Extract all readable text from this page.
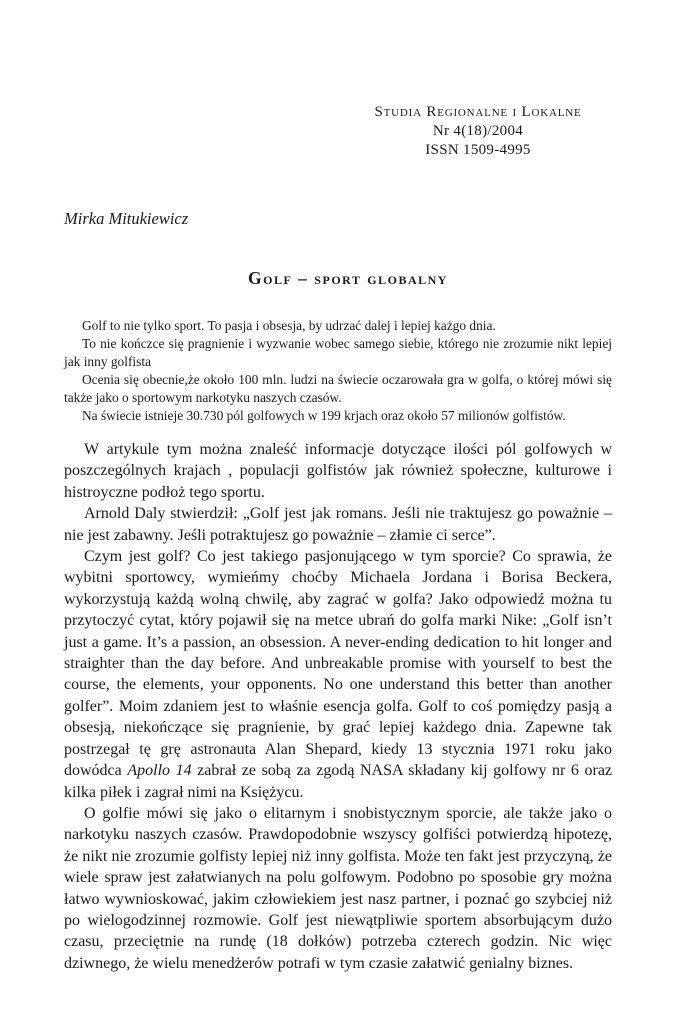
Studia Regionalne i Lokalne
Nr 4(18)/2004
ISSN 1509-4995
Mirka Mitukiewicz
Golf – sport globalny

Golf to nie tylko sport. To pasja i obsesja, by udrzać dalej i lepiej każgo dnia.

To nie kończce się pragnienie i wyzwanie wobec samego siebie, którego nie zrozumie nikt lepiej jak inny golfista

Ocenia się obecnie,że około 100 mln. ludzi na świecie oczarowała gra w golfa, o której mówi się także jako o sportowym narkotyku naszych czasów.

Na świecie istnieje 30.730 pól golfowych w 199 krjach oraz około 57 milionów golfistów.

W artykule tym można znaleść informacje dotyczące ilości pól golfowych w poszczególnych krajach , populacji golfistów jak również społeczne, kulturowe i histroyczne podłoż tego sportu.

Arnold Daly stwierdził: „Golf jest jak romans. Jeśli nie traktujesz go poważnie – nie jest zabawny. Jeśli potraktujesz go poważnie – złamie ci serce”.

Czym jest golf? Co jest takiego pasjonującego w tym sporcie? Co sprawia, że wybitni sportowcy, wymieńmy choćby Michaela Jordana i Borisa Beckera, wykorzystują każdą wolną chwilę, aby zagrać w golfa? Jako odpowiedź można tu przytoczyć cytat, który pojawił się na metce ubrań do golfa marki Nike: „Golf isn’t just a game. It’s a passion, an obsession. A never-ending dedication to hit longer and straighter than the day before. And unbreakable promise with yourself to best the course, the elements, your opponents. No one understand this better than another golfer”. Moim zdaniem jest to właśnie esencja golfa. Golf to coś pomiędzy pasją a obsesją, niekończące się pragnienie, by grać lepiej każdego dnia. Zapewne tak postrzegał tę grę astronauta Alan Shepard, kiedy 13 stycznia 1971 roku jako dowódca Apollo 14 zabrał ze sobą za zgodą NASA składany kij golfowy nr 6 oraz kilka piłek i zagrał nimi na Księżycu.

O golfie mówi się jako o elitarnym i snobistycznym sporcie, ale także jako o narkotyku naszych czasów. Prawdopodobnie wszyscy golfiści potwierdzą hipotezę, że nikt nie zrozumie golfisty lepiej niż inny golfista. Może ten fakt jest przyczyną, że wiele spraw jest załatwianych na polu golfowym. Podobno po sposobie gry można łatwo wywnioskować, jakim człowiekiem jest nasz partner, i poznać go szybciej niż po wielogodzinnej rozmowie. Golf jest niewątpliwie sportem absorbującym dużo czasu, przeciętnie na rundę (18 dołków) potrzeba czterech godzin. Nic więc dziwnego, że wielu menedżerów potrafi w tym czasie załatwić genialny biznes.
